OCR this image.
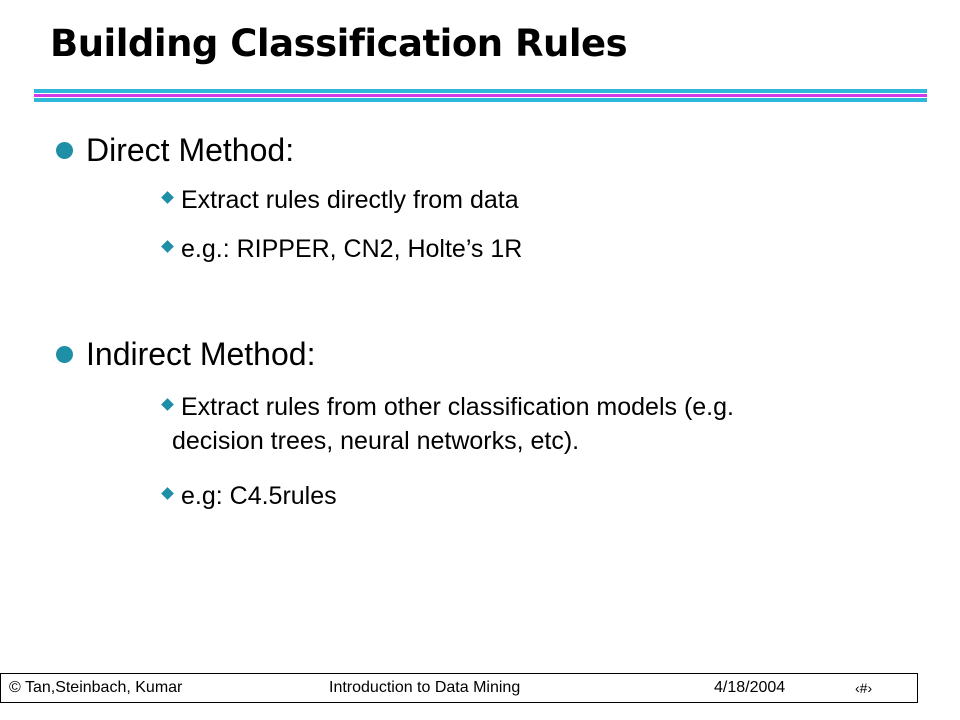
Building Classification Rules
Direct Method:
Extract rules directly from data
e.g.: RIPPER, CN2, Holte’s 1R
Indirect Method:
Extract rules from other classification models (e.g.
decision trees, neural networks, etc).
e.g: C4.5rules
© Tan,Steinbach, Kumar	Introduction to Data Mining	4/18/2004	‹#›
